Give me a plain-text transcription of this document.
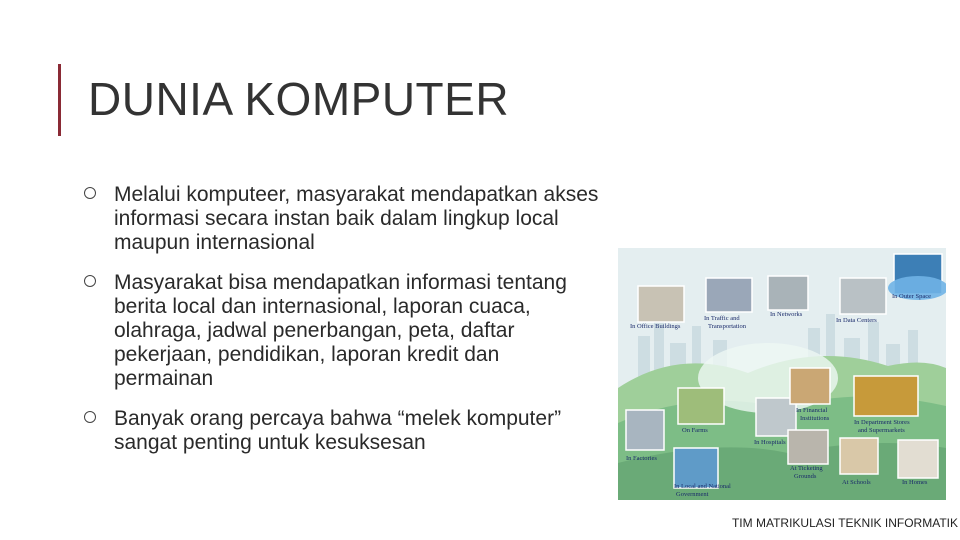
DUNIA KOMPUTER
Melalui komputeer, masyarakat mendapatkan akses informasi secara instan baik dalam lingkup local maupun internasional
Masyarakat bisa mendapatkan informasi tentang berita local dan internasional, laporan cuaca, olahraga, jadwal penerbangan, peta, daftar pekerjaan, pendidikan, laporan kredit dan permainan
Banyak orang percaya bahwa “melek komputer” sangat penting untuk kesuksesan
In Office Buildings
In Traffic and
Transportation
In Networks
In Data Centers
In Outer Space
In Financial
Institutions
In Department Stores
and Supermarkets
On Farms
In Hospitals
In Factories
At Ticketing
Grounds
At Schools	In Homes
In Local and National
Government
TIM MATRIKULASI TEKNIK INFORMATIK
